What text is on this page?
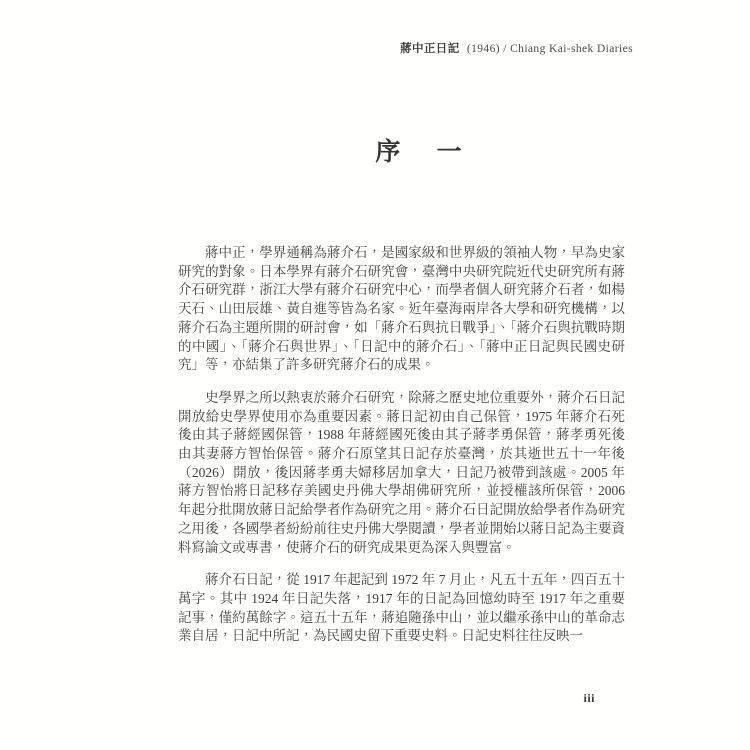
蔣中正日記 (1946) / Chiang Kai-shek Diaries
序 一

蔣中正，學界通稱為蔣介石，是國家級和世界級的領袖人物，早為史家研究的對象。日本學界有蔣介石研究會，臺灣中央研究院近代史研究所有蔣介石研究群，浙江大學有蔣介石研究中心，而學者個人研究蔣介石者，如楊天石、山田辰雄、黃自進等皆為名家。近年臺海兩岸各大學和研究機構，以蔣介石為主題所開的研討會，如「蔣介石與抗日戰爭」、「蔣介石與抗戰時期的中國」、「蔣介石與世界」、「日記中的蔣介石」、「蔣中正日記與民國史研究」等，亦結集了許多研究蔣介石的成果。

史學界之所以熱衷於蔣介石研究，除蔣之歷史地位重要外，蔣介石日記開放給史學界使用亦為重要因素。蔣日記初由自己保管，1975 年蔣介石死後由其子蔣經國保管，1988 年蔣經國死後由其子蔣孝勇保管，蔣孝勇死後由其妻蔣方智怡保管。蔣介石原望其日記存於臺灣，於其逝世五十一年後（2026）開放，後因蔣孝勇夫婦移居加拿大，日記乃被帶到該處。2005 年蔣方智怡將日記移存美國史丹佛大學胡佛研究所，並授權該所保管，2006 年起分批開放蔣日記給學者作為研究之用。蔣介石日記開放給學者作為研究之用後，各國學者紛紛前往史丹佛大學閱讀，學者並開始以蔣日記為主要資料寫論文或專書，使蔣介石的研究成果更為深入與豐富。

蔣介石日記，從 1917 年起記到 1972 年 7 月止，凡五十五年，四百五十萬字。其中 1924 年日記失落，1917 年的日記為回憶幼時至 1917 年之重要記事，僅約萬餘字。這五十五年，蔣追隨孫中山，並以繼承孫中山的革命志業自居，日記中所記，為民國史留下重要史料。日記史料往往反映一

iii
